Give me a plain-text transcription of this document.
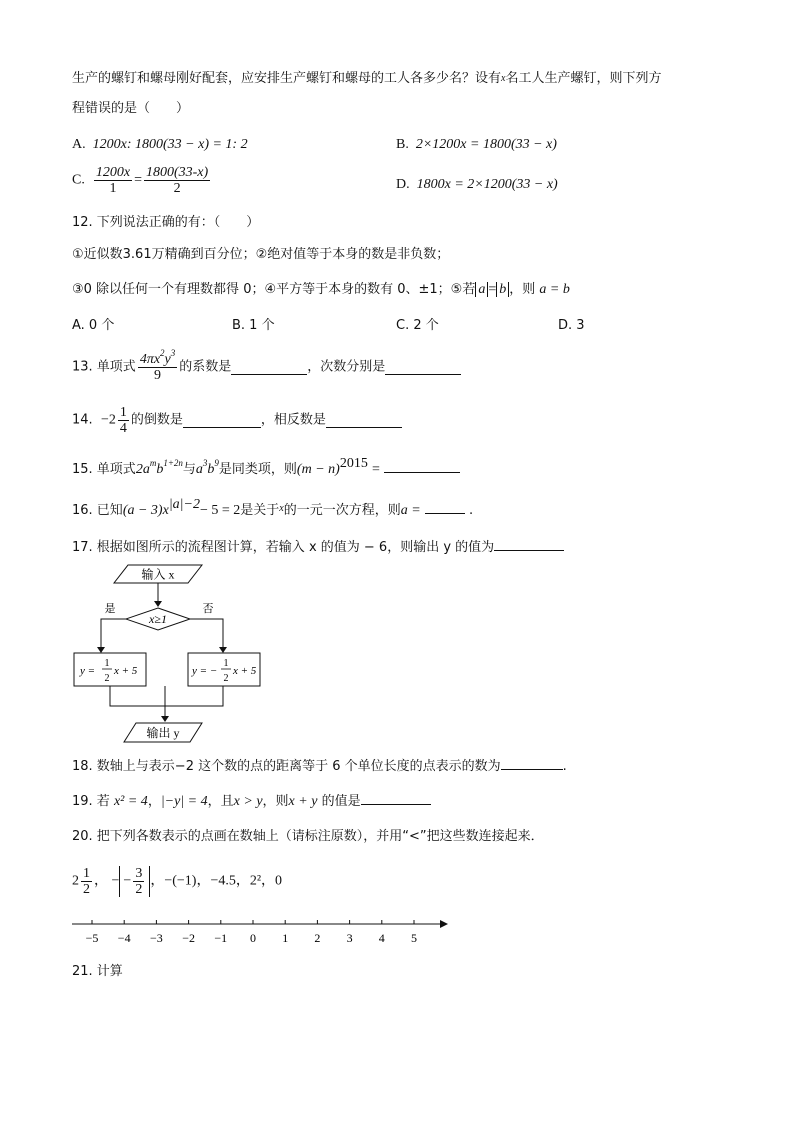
生产的螺钉和螺母刚好配套，应安排生产螺钉和螺母的工人各多少名？设有$^x$名工人生产螺钉，则下列方
程错误的是（　　）
A. 1200x: 1800(33 − x) = 1: 2	B. 2×1200x = 1800(33 − x)
C. $\frac{1200x}{1} = \frac{1800(33-x)}{2}$	D. 1800x = 2×1200(33 − x)
12. 下列说法正确的有：（　　）
①近似数3.61万精确到百分位；②绝对值等于本身的数是非负数；
③0 除以任何一个有理数都得 0；④平方等于本身的数有 0、±1；⑤若 a = b ，则 a = b
A. 0 个	B. 1 个	C. 2 个	D. 3
13. 单项式 $\frac{4\pi x^2y^3}{9}$ 的系数是	，次数分别是
14. $-2 \frac{1}{4}$ 的倒数是	，相反数是
15. 单项式$2a^mb^{1+2n}$与$a^3b^9$是同类项，则$(m - n)^{2015}$ =
16. 已知$(a - 3)x^{|a|-2}- 5 = 2$是关于$^x$的一元一次方程，则a =	.
17. 根据如图所示的流程图计算，若输入 x 的值为 − 6，则输出 y 的值为
输入 x
x≥1
是	否
y =
1
2
x + 5	y = −
1
2
x + 5
输出 y
18. 数轴上与表示−2 这个数的点的距离等于 6 个单位长度的点表示的数为	.
19. 若 x² = 4，|−y| = 4，且x > y，则x + y 的值是
20. 把下列各数表示的点画在数轴上（请标注原数），并用“<”把这些数连接起来．
$2 \frac{1}{2}$ ， − − $\frac{3}{2}$ ，−(−1)，−4.5，2²，0
−5 −4 −3 −2 −1 0 1 2 3 4 5
21. 计算
